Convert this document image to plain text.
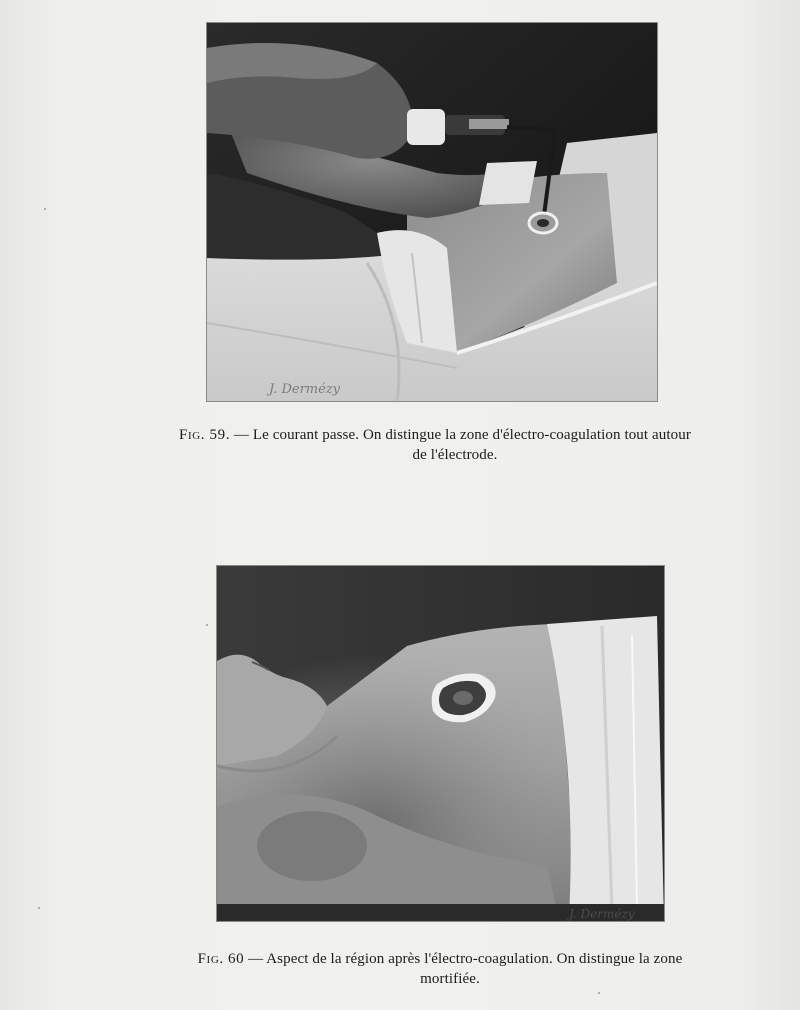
J. Dermézy
Fig. 59. — Le courant passe. On distingue la zone d'électro-coagulation tout autour
de l'électrode.
J. Dermézy
Fig. 60 — Aspect de la région après l'électro-coagulation. On distingue la zone
mortifiée.
